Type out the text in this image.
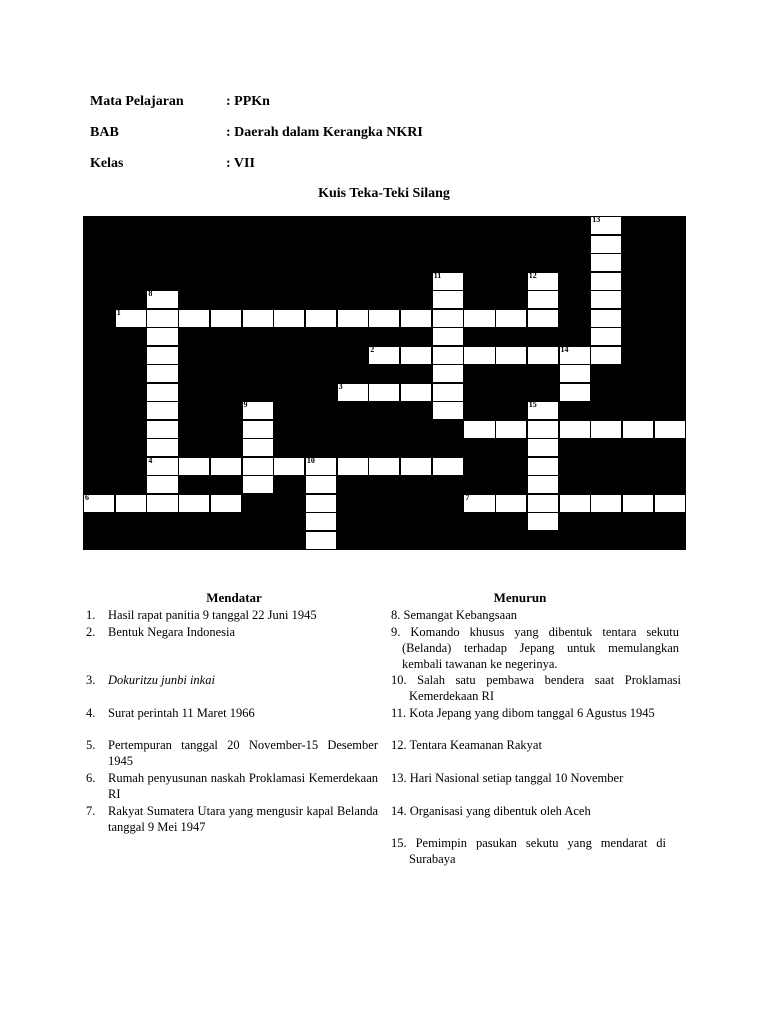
Mata Pelajaran	: PPKn
BAB	: Daerah dalam Kerangka NKRI
Kelas	: VII
Kuis Teka-Teki Silang
13
11	12
8
4
1
2	14
3
9	15
10
6	7
Mendatar
1. Hasil rapat panitia 9 tanggal 22 Juni 1945
2. Bentuk Negara Indonesia
3. Dokuritzu junbi inkai
4. Surat perintah 11 Maret 1966
5. Pertempuran tanggal 20 November-15 Desember 1945
6. Rumah penyusunan naskah Proklamasi Kemerdekaan RI
7. Rakyat Sumatera Utara yang mengusir kapal Belanda tanggal 9 Mei 1947
Menurun
8. Semangat Kebangsaan
9. Komando khusus yang dibentuk tentara sekutu (Belanda) terhadap Jepang untuk memulangkan kembali tawanan ke negerinya.
10. Salah satu pembawa bendera saat Proklamasi Kemerdekaan RI
11. Kota Jepang yang dibom tanggal 6 Agustus 1945
12. Tentara Keamanan Rakyat
13. Hari Nasional setiap tanggal 10 November
14. Organisasi yang dibentuk oleh Aceh
15. Pemimpin pasukan sekutu yang mendarat di Surabaya
